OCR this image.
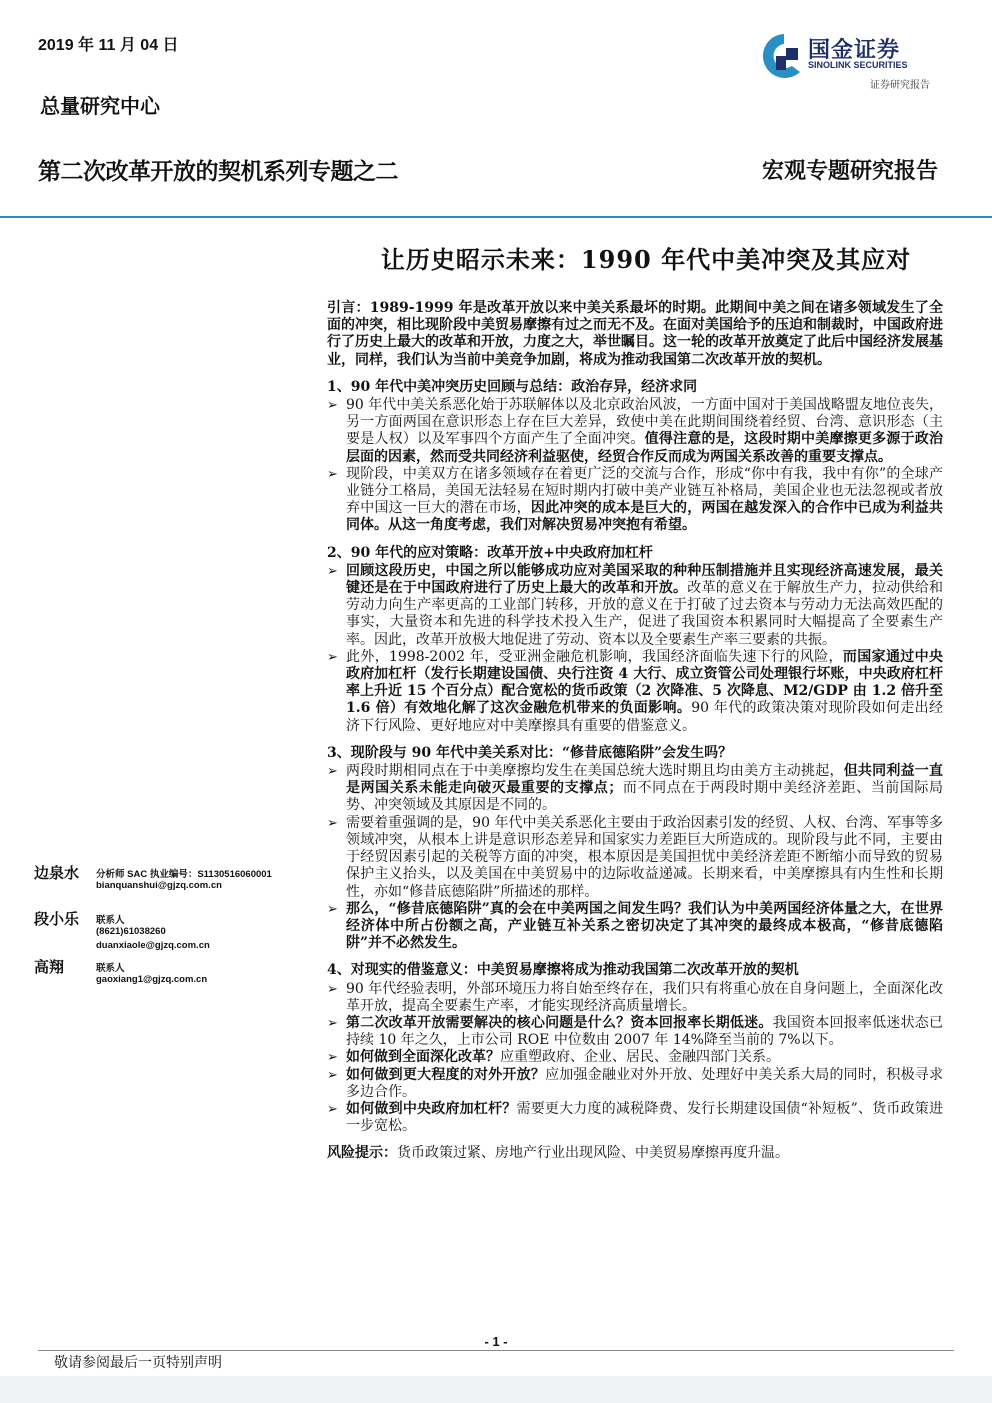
2019 年 11 月 04 日
总量研究中心
国金证券
SINOLINK SECURITIES
证券研究报告
第二次改革开放的契机系列专题之二	宏观专题研究报告
让历史昭示未来：1990 年代中美冲突及其应对
引言：1989-1999 年是改革开放以来中美关系最坏的时期。此期间中美之间在诸多领域发生了全面的冲突，相比现阶段中美贸易摩擦有过之而无不及。在面对美国给予的压迫和制裁时，中国政府进行了历史上最大的改革和开放，力度之大，举世瞩目。这一轮的改革开放奠定了此后中国经济发展基业，同样，我们认为当前中美竞争加剧，将成为推动我国第二次改革开放的契机。
1、90 年代中美冲突历史回顾与总结：政治存异，经济求同
➢ 90 年代中美关系恶化始于苏联解体以及北京政治风波，一方面中国对于美国战略盟友地位丧失，另一方面两国在意识形态上存在巨大差异，致使中美在此期间围绕着经贸、台湾、意识形态（主要是人权）以及军事四个方面产生了全面冲突。值得注意的是，这段时期中美摩擦更多源于政治层面的因素，然而受共同经济利益驱使，经贸合作反而成为两国关系改善的重要支撑点。
➢ 现阶段，中美双方在诸多领域存在着更广泛的交流与合作，形成“你中有我，我中有你”的全球产业链分工格局，美国无法轻易在短时期内打破中美产业链互补格局，美国企业也无法忽视或者放弃中国这一巨大的潜在市场，因此冲突的成本是巨大的，两国在越发深入的合作中已成为利益共同体。从这一角度考虑，我们对解决贸易冲突抱有希望。
2、90 年代的应对策略：改革开放+中央政府加杠杆
➢ 回顾这段历史，中国之所以能够成功应对美国采取的种种压制措施并且实现经济高速发展，最关键还是在于中国政府进行了历史上最大的改革和开放。改革的意义在于解放生产力，拉动供给和劳动力向生产率更高的工业部门转移，开放的意义在于打破了过去资本与劳动力无法高效匹配的事实，大量资本和先进的科学技术投入生产，促进了我国资本积累同时大幅提高了全要素生产率。因此，改革开放极大地促进了劳动、资本以及全要素生产率三要素的共振。
➢ 此外，1998-2002 年，受亚洲金融危机影响，我国经济面临失速下行的风险，而国家通过中央政府加杠杆（发行长期建设国债、央行注资 4 大行、成立资管公司处理银行坏账，中央政府杠杆率上升近 15 个百分点）配合宽松的货币政策（2 次降准、5 次降息、M2/GDP 由 1.2 倍升至 1.6 倍）有效地化解了这次金融危机带来的负面影响。90 年代的政策决策对现阶段如何走出经济下行风险、更好地应对中美摩擦具有重要的借鉴意义。
3、现阶段与 90 年代中美关系对比：“修昔底德陷阱”会发生吗？
➢ 两段时期相同点在于中美摩擦均发生在美国总统大选时期且均由美方主动挑起，但共同利益一直是两国关系未能走向破灭最重要的支撑点；而不同点在于两段时期中美经济差距、当前国际局势、冲突领域及其原因是不同的。
➢ 需要着重强调的是，90 年代中美关系恶化主要由于政治因素引发的经贸、人权、台湾、军事等多领域冲突，从根本上讲是意识形态差异和国家实力差距巨大所造成的。现阶段与此不同，主要由于经贸因素引起的关税等方面的冲突，根本原因是美国担忧中美经济差距不断缩小而导致的贸易保护主义抬头，以及美国在中美贸易中的边际收益递减。长期来看，中美摩擦具有内生性和长期性，亦如“修昔底德陷阱”所描述的那样。
➢ 那么，“修昔底德陷阱”真的会在中美两国之间发生吗？我们认为中美两国经济体量之大，在世界经济体中所占份额之高，产业链互补关系之密切决定了其冲突的最终成本极高，“修昔底德陷阱”并不必然发生。
4、对现实的借鉴意义：中美贸易摩擦将成为推动我国第二次改革开放的契机
➢ 90 年代经验表明，外部环境压力将自始至终存在，我们只有将重心放在自身问题上，全面深化改革开放，提高全要素生产率，才能实现经济高质量增长。
➢ 第二次改革开放需要解决的核心问题是什么？资本回报率长期低迷。我国资本回报率低迷状态已持续 10 年之久，上市公司 ROE 中位数由 2007 年 14%降至当前的 7%以下。
➢ 如何做到全面深化改革？应重塑政府、企业、居民、金融四部门关系。
➢ 如何做到更大程度的对外开放？应加强金融业对外开放、处理好中美关系大局的同时，积极寻求多边合作。
➢ 如何做到中央政府加杠杆？需要更大力度的减税降费、发行长期建设国债“补短板”、货币政策进一步宽松。
风险提示：货币政策过紧、房地产行业出现风险、中美贸易摩擦再度升温。
边泉水 分析师 SAC 执业编号：S1130516060001
bianquanshui@gjzq.com.cn
段小乐 联系人
(8621)61038260
duanxiaole@gjzq.com.cn
高翔	联系人
gaoxiang1@gjzq.com.cn
- 1 -
敬请参阅最后一页特别声明
